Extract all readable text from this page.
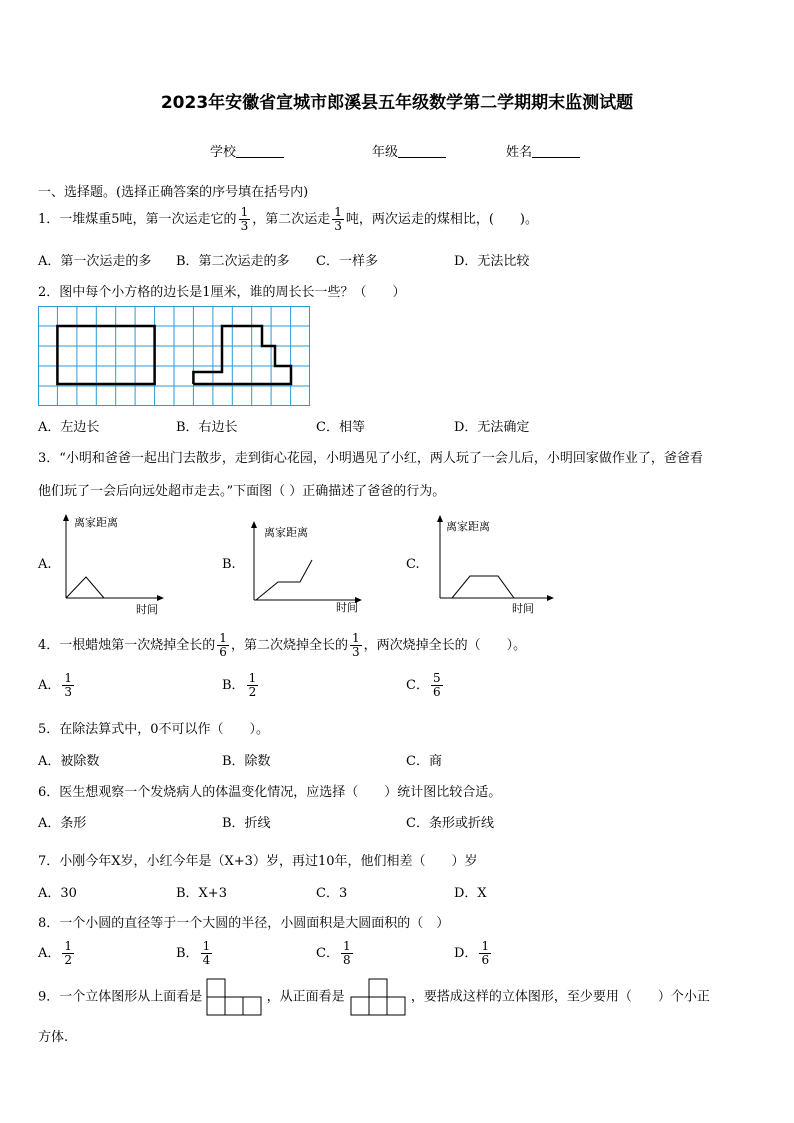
2023年安徽省宣城市郎溪县五年级数学第二学期期末监测试题
学校	年级	姓名
一、选择题。(选择正确答案的序号填在括号内)
1．一堆煤重5吨，第一次运走它的 $\frac{1}{3}$ ，第二次运走 $\frac{1}{3}$ 吨，两次运走的煤相比，(　　)。
A．第一次运走的多 B．第二次运走的多 C．一样多	D．无法比较
2．图中每个小方格的边长是1厘米，谁的周长长一些？（　　）
A．左边长	B．右边长	C．相等	D．无法确定
3．“小明和爸爸一起出门去散步，走到街心花园，小明遇见了小红，两人玩了一会儿后，小明回家做作业了，爸爸看
他们玩了一会后向远处超市走去。”下面图（ ）正确描述了爸爸的行为。
A.
离家距离
时间
B.
离家距离
时间
C.
离家距离
时间
4．一根蜡烛第一次烧掉全长的 $\frac{1}{6}$ ，第二次烧掉全长的 $\frac{1}{3}$ ，两次烧掉全长的（　　）。
A． $\frac{1}{3}$	B． $\frac{1}{2}$	C． $\frac{5}{6}$
5．在除法算式中，0不可以作（　　）。
A．被除数	B．除数	C．商
6．医生想观察一个发烧病人的体温变化情况，应选择（　　）统计图比较合适。
A．条形	B．折线	C．条形或折线
7．小刚今年X岁，小红今年是（X+3）岁，再过10年，他们相差（　　）岁
A．30	B．X+3	C．3	D．X
8．一个小圆的直径等于一个大圆的半径，小圆面积是大圆面积的（　）
A． $\frac{1}{2}$	B． $\frac{1}{4}$	C． $\frac{1}{8}$	D． $\frac{1}{6}$
9．一个立体图形从上面看是	，从正面看是	，要搭成这样的立体图形，至少要用（　　）个小正
方体.
